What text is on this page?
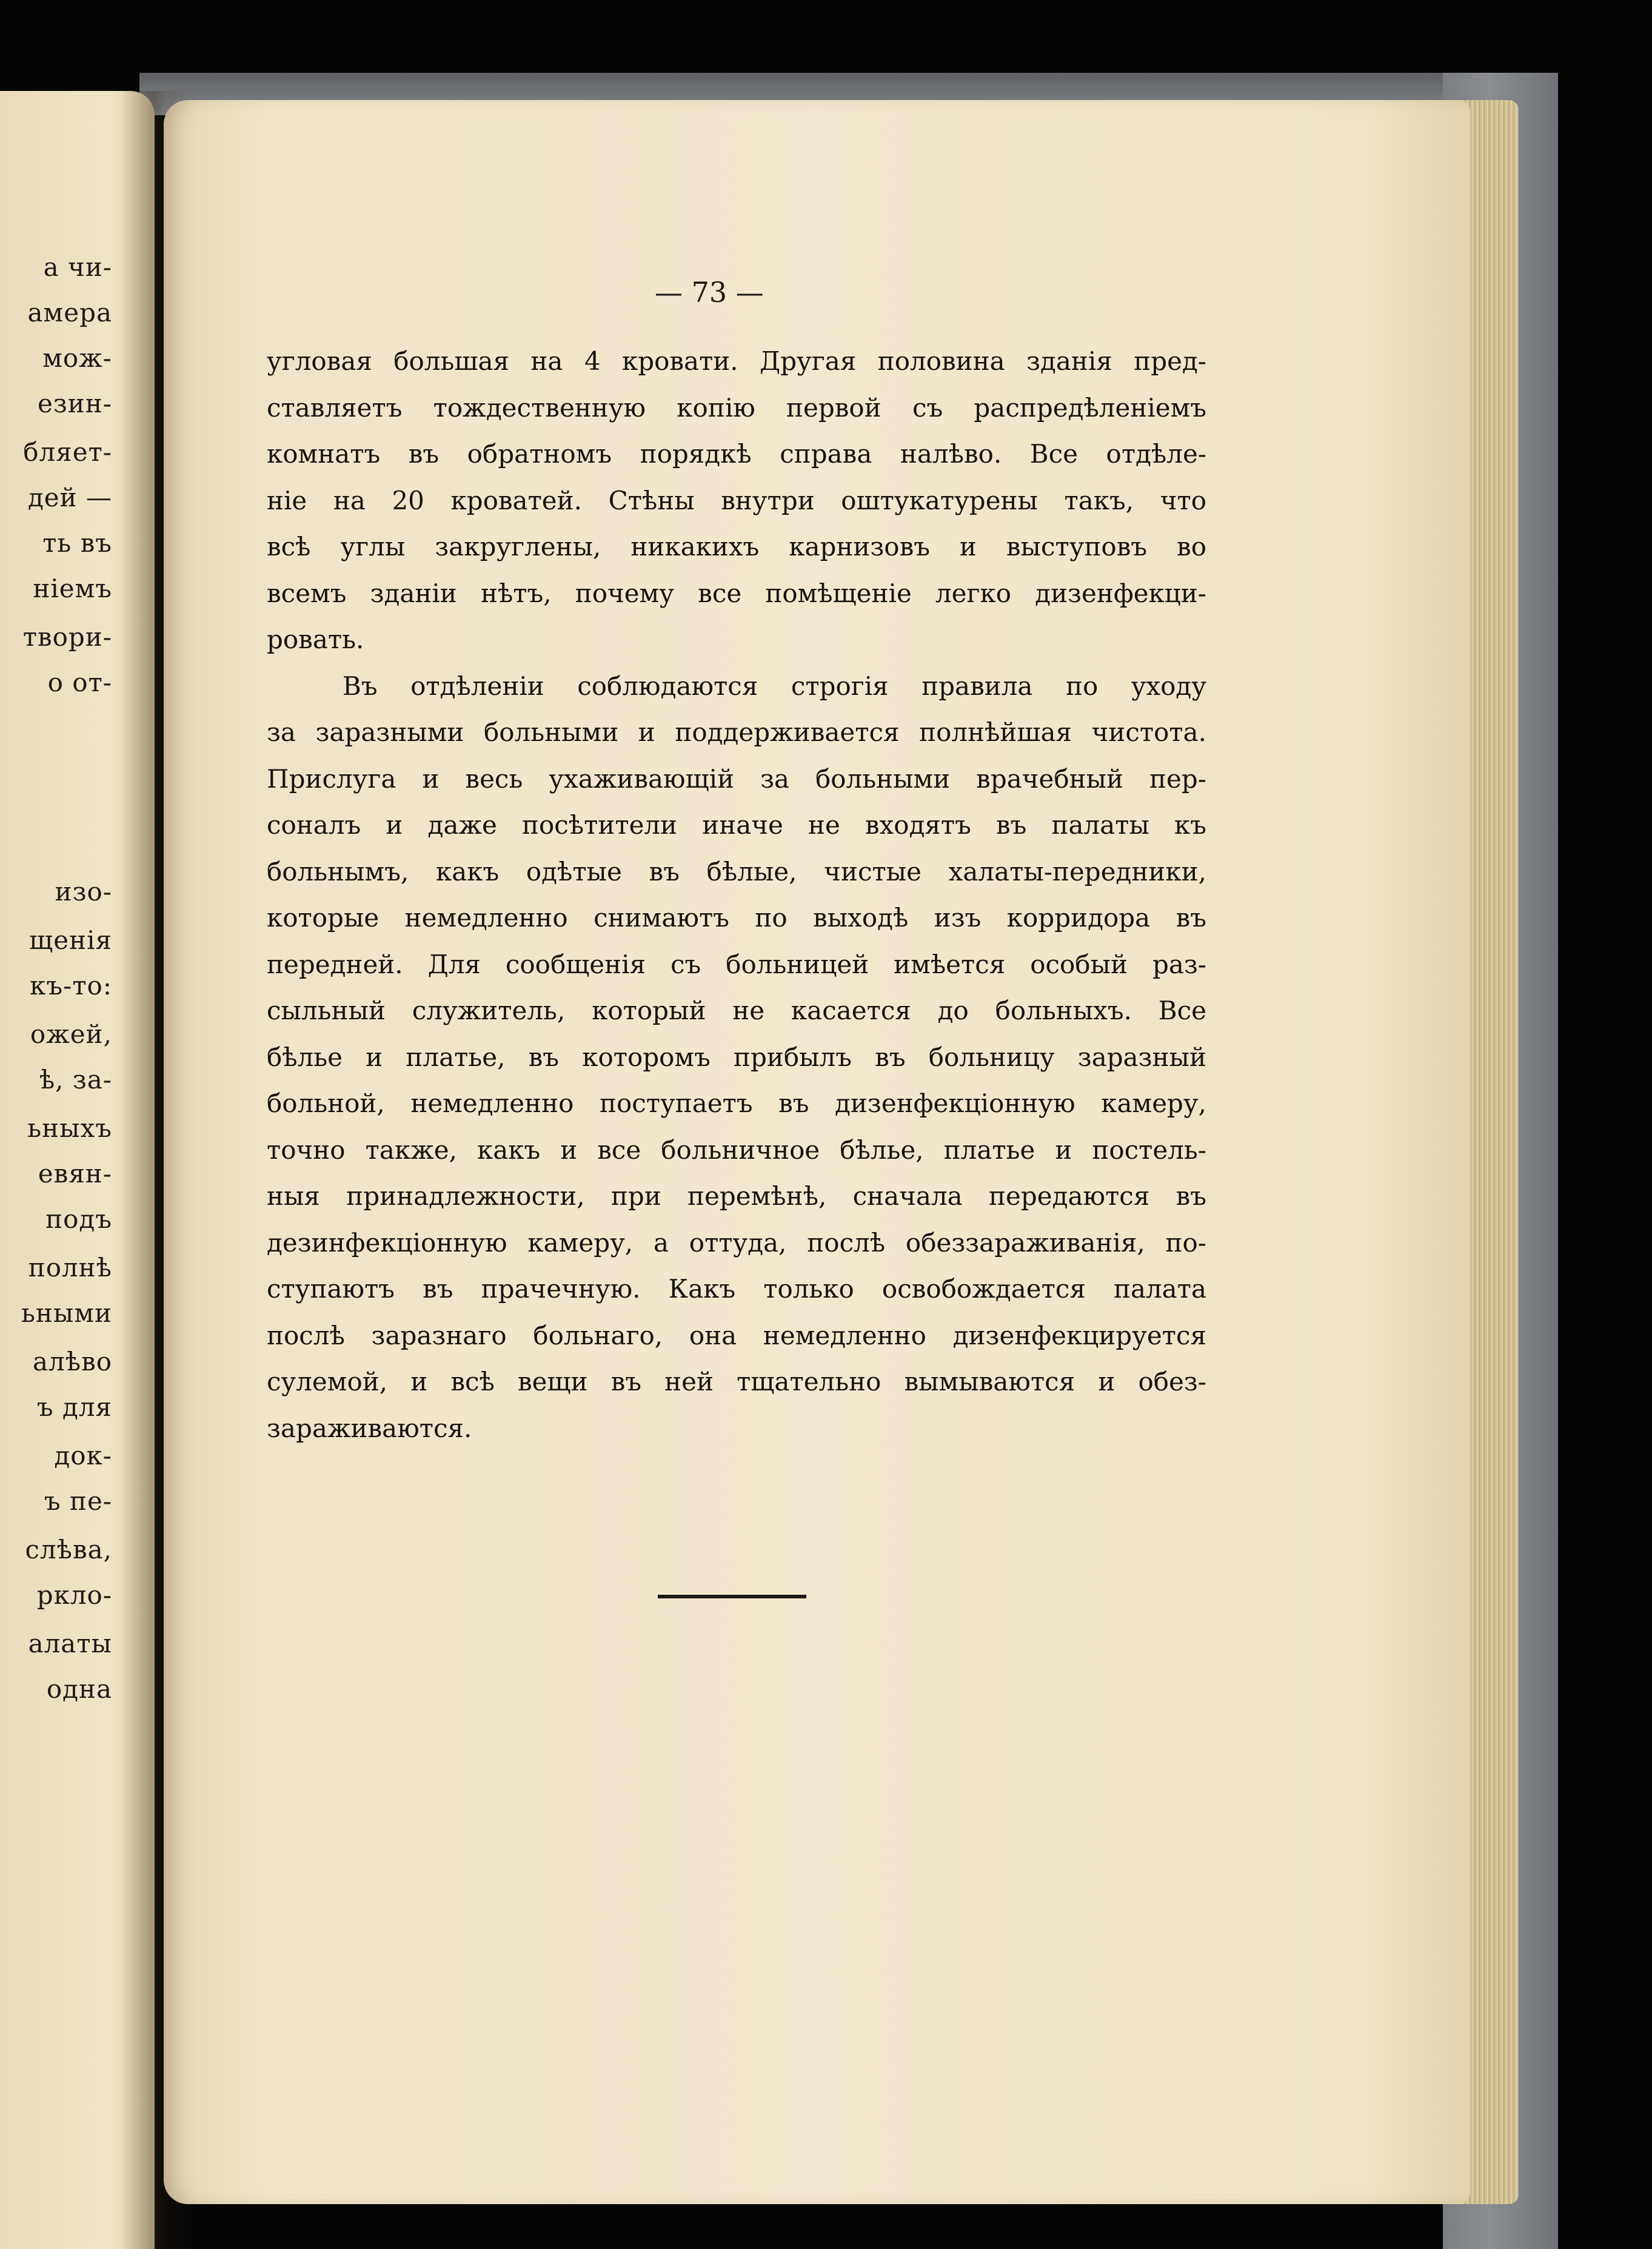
а чи-
амера
мож-
езин-
бляет-
дей —
ть въ
ніемъ
твори-
о от-
изо-
щенія
къ-то:
ожей,
ѣ, за-
ьныхъ
евян-
подъ
полнѣ
ьными
алѣво
ъ для
док-
ъ пе-
слѣва,
ркло-
алаты
одна
— 73 —
угловая большая на 4 кровати. Другая половина зданія пред-
ставляетъ тождественную копію первой съ распредѣленіемъ
комнатъ въ обратномъ порядкѣ справа налѣво. Все отдѣле-
ніе на 20 кроватей. Стѣны внутри оштукатурены такъ, что
всѣ углы закруглены, никакихъ карнизовъ и выступовъ во
всемъ зданіи нѣтъ, почему все помѣщеніе легко дизенфекци-
ровать.
Въ отдѣленіи соблюдаются строгія правила по уходу
за заразными больными и поддерживается полнѣйшая чистота.
Прислуга и весь ухаживающій за больными врачебный пер-
соналъ и даже посѣтители иначе не входятъ въ палаты къ
больнымъ, какъ одѣтые въ бѣлые, чистые халаты-передники,
которые немедленно снимаютъ по выходѣ изъ корридора въ
передней. Для сообщенія съ больницей имѣется особый раз-
сыльный служитель, который не касается до больныхъ. Все
бѣлье и платье, въ которомъ прибылъ въ больницу заразный
больной, немедленно поступаетъ въ дизенфекціонную камеру,
точно также, какъ и все больничное бѣлье, платье и постель-
ныя принадлежности, при перемѣнѣ, сначала передаются въ
дезинфекціонную камеру, а оттуда, послѣ обеззараживанія, по-
ступаютъ въ прачечную. Какъ только освобождается палата
послѣ заразнаго больнаго, она немедленно дизенфекцируется
сулемой, и всѣ вещи въ ней тщательно вымываются и обез-
зараживаются.
